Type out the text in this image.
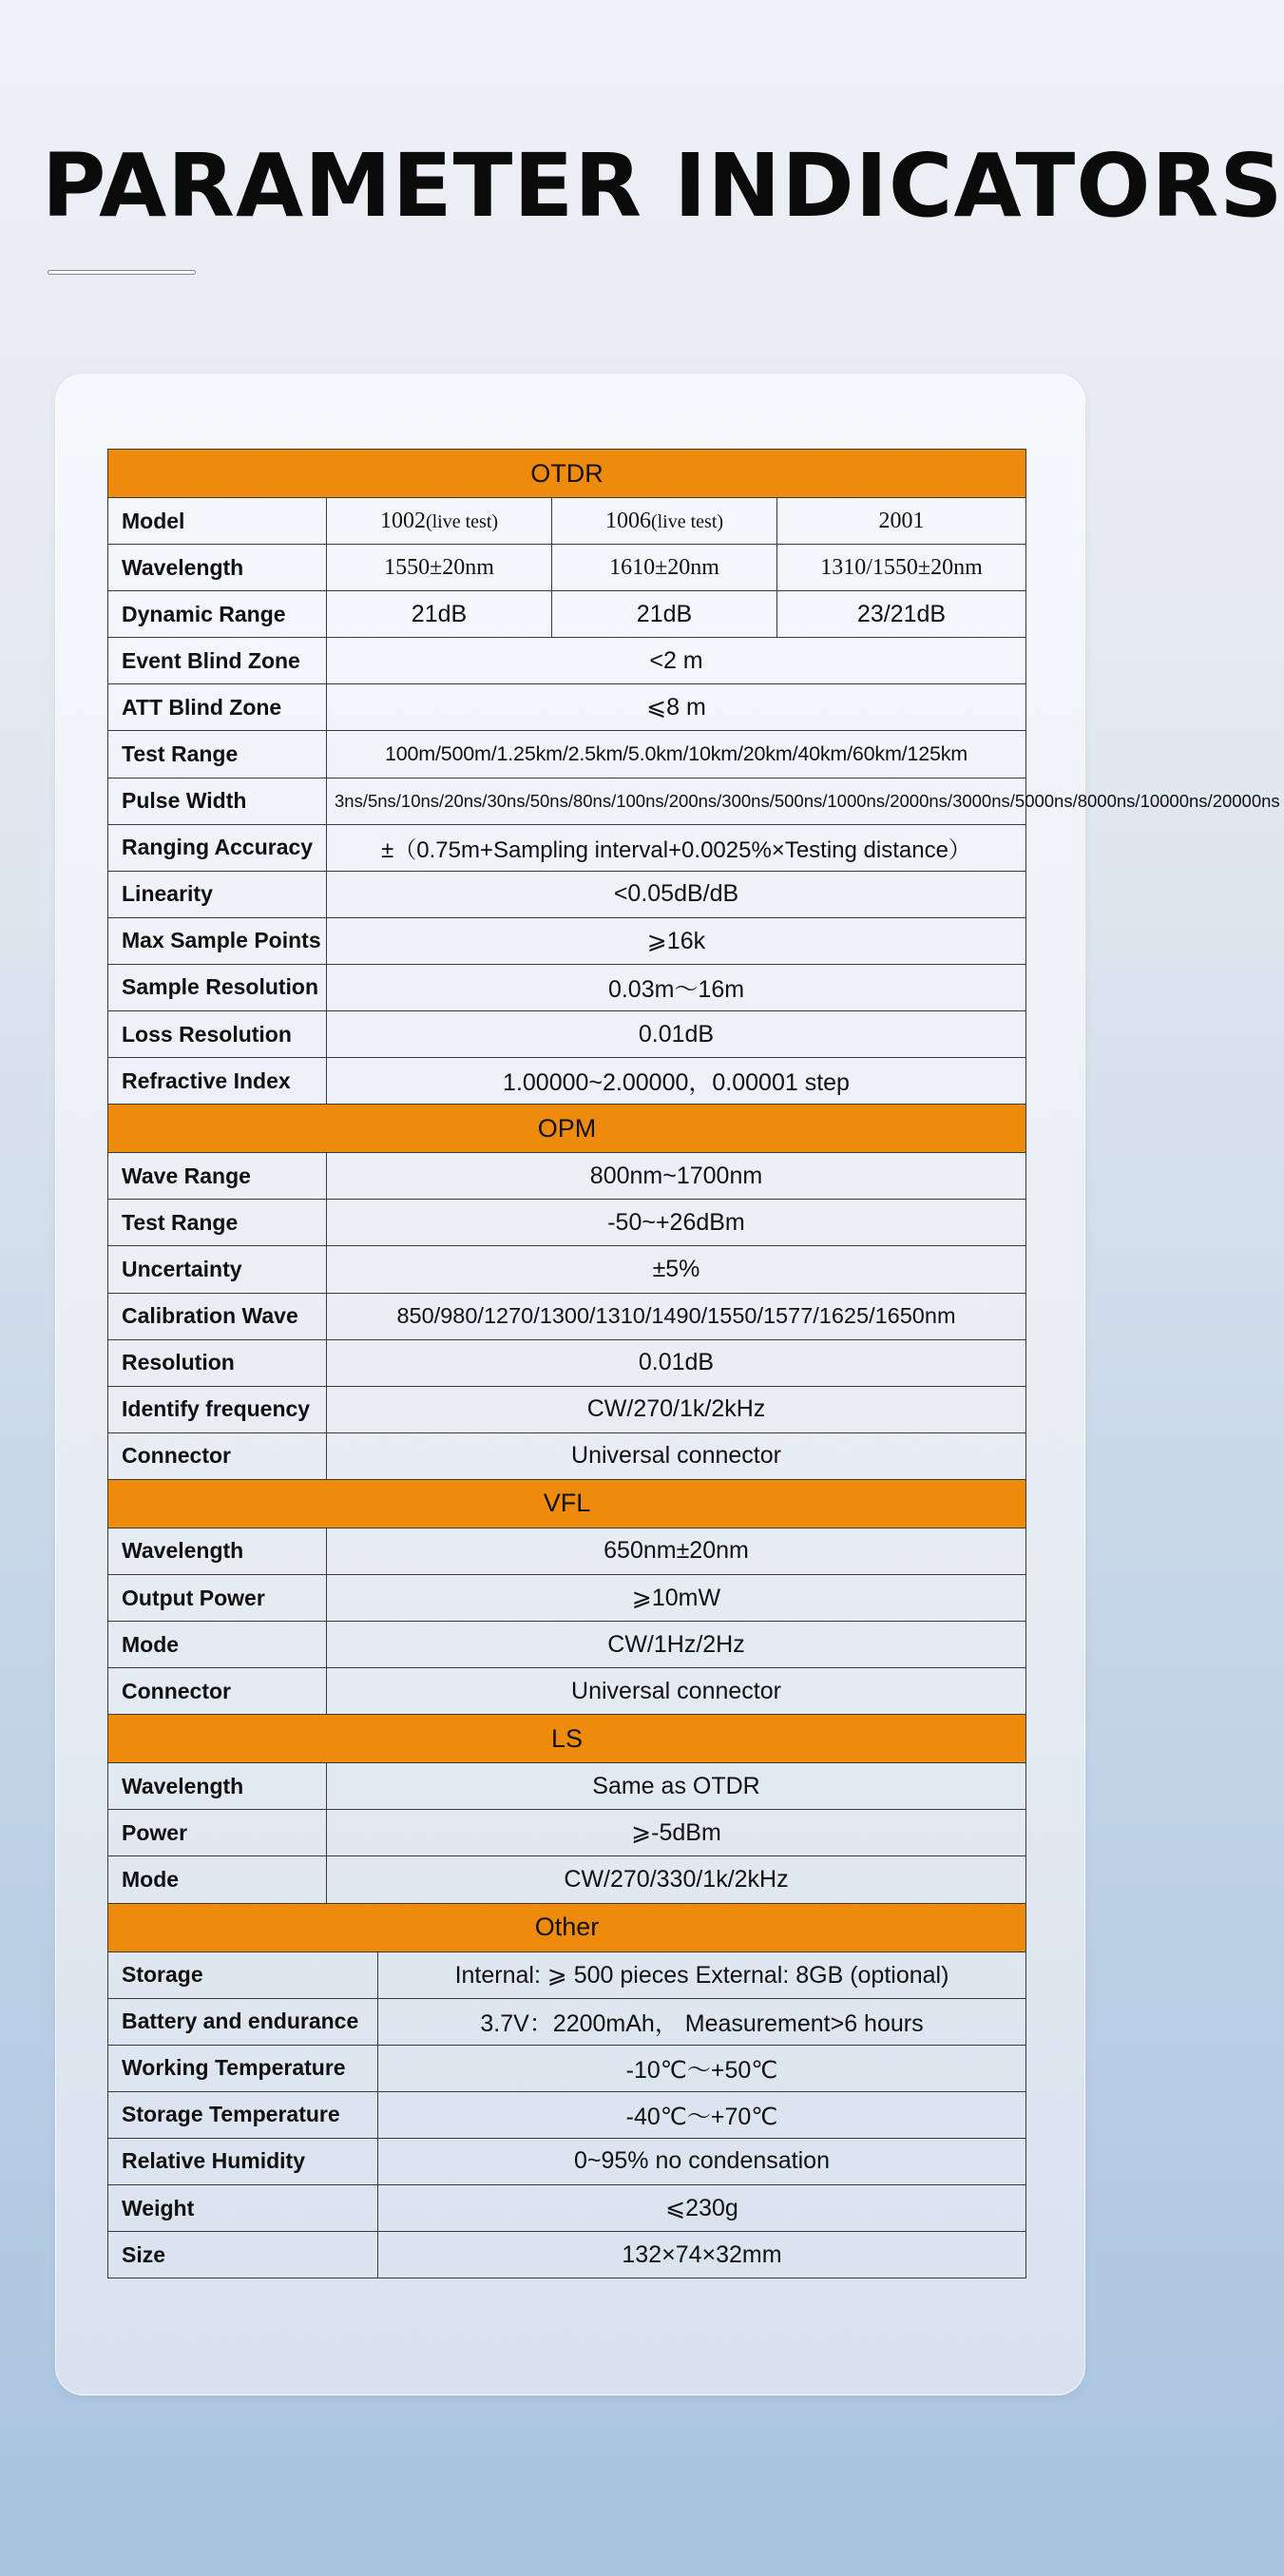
PARAMETER INDICATORS
OTDR				
Model	1002(live test)		1006(live test)	2001
Wavelength	1550±20nm		1610±20nm	1310/1550±20nm
Dynamic Range	21dB		21dB	23/21dB
Event Blind Zone	<2 m			
ATT Blind Zone	⩽8 m			
Test Range	100m/500m/1.25km/2.5km/5.0km/10km/20km/40km/60km/125km			
Pulse Width	3ns/5ns/10ns/20ns/30ns/50ns/80ns/100ns/200ns/300ns/500ns/1000ns/2000ns/3000ns/5000ns/8000ns/10000ns/20000ns			
Ranging Accuracy	±（0.75m+Sampling interval+0.0025%×Testing distance）			
Linearity	<0.05dB/dB			
Max Sample Points	⩾16k			
Sample Resolution	0.03m～16m			
Loss Resolution	0.01dB			
Refractive Index	1.00000~2.00000，0.00001 step			
OPM				
Wave Range	800nm~1700nm			
Test Range	-50~+26dBm			
Uncertainty	±5%			
Calibration Wave	850/980/1270/1300/1310/1490/1550/1577/1625/1650nm			
Resolution	0.01dB			
Identify frequency	CW/270/1k/2kHz			
Connector	Universal connector			
VFL				
Wavelength	650nm±20nm			
Output Power	⩾10mW			
Mode	CW/1Hz/2Hz			
Connector	Universal connector			
LS				
Wavelength	Same as OTDR			
Power	⩾-5dBm			
Mode	CW/270/330/1k/2kHz			
Other				
Storage		Internal: ⩾ 500 pieces External: 8GB (optional)		
Battery and endurance		3.7V：2200mAh， Measurement>6 hours		
Working Temperature		-10℃～+50℃		
Storage Temperature		-40℃～+70℃		
Relative Humidity		0~95% no condensation		
Weight		⩽230g		
Size		132×74×32mm		
